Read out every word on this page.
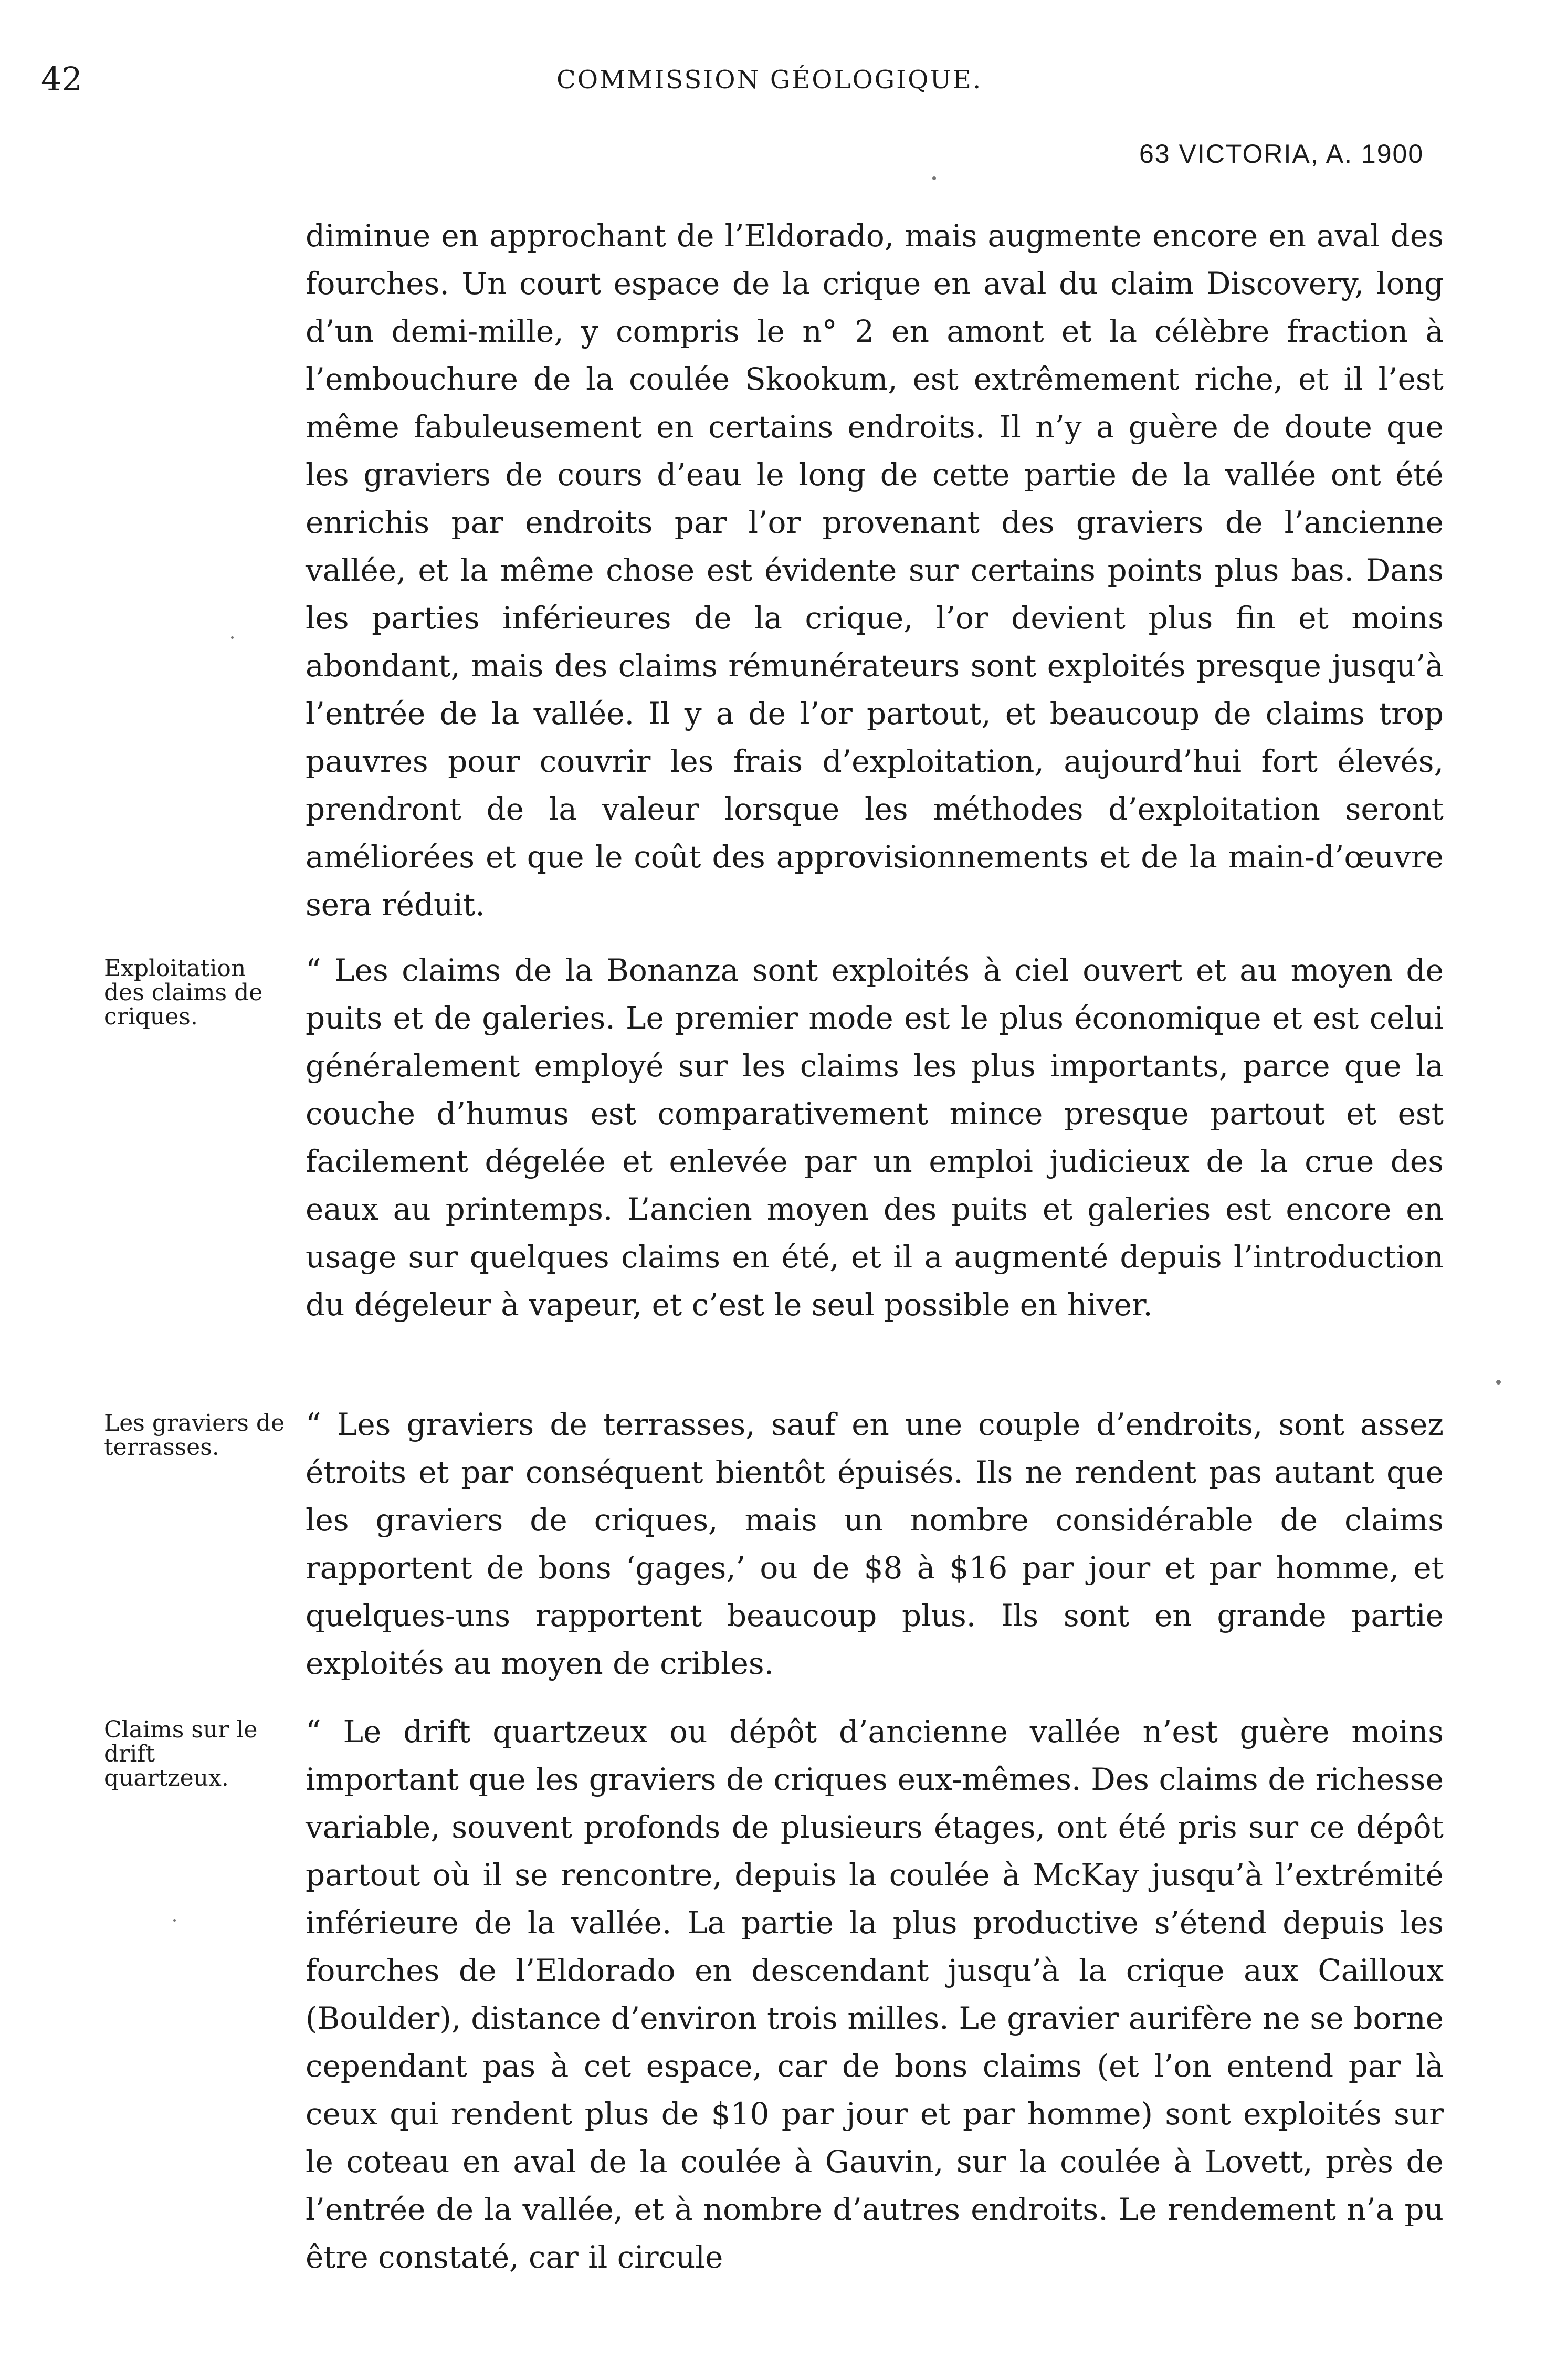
42	COMMISSION GÉOLOGIQUE.
63 VICTORIA, A. 1900
diminue en approchant de l’Eldorado, mais augmente encore en aval des fourches. Un court espace de la crique en aval du claim Discovery, long d’un demi-mille, y compris le n° 2 en amont et la célèbre fraction à l’embouchure de la coulée Skookum, est extrêmement riche, et il l’est même fabuleusement en certains endroits. Il n’y a guère de doute que les graviers de cours d’eau le long de cette partie de la vallée ont été enrichis par endroits par l’or provenant des graviers de l’ancienne vallée, et la même chose est évidente sur certains points plus bas. Dans les parties inférieures de la crique, l’or devient plus fin et moins abondant, mais des claims rémunérateurs sont exploités presque jusqu’à l’entrée de la vallée. Il y a de l’or partout, et beaucoup de claims trop pauvres pour couvrir les frais d’exploitation, aujourd’hui fort élevés, prendront de la valeur lorsque les méthodes d’exploitation seront améliorées et que le coût des approvisionnements et de la main-d’œuvre sera réduit.
Exploitation des claims de criques.
“ Les claims de la Bonanza sont exploités à ciel ouvert et au moyen de puits et de galeries. Le premier mode est le plus économique et est celui généralement employé sur les claims les plus importants, parce que la couche d’humus est comparativement mince presque partout et est facilement dégelée et enlevée par un emploi judicieux de la crue des eaux au printemps. L’ancien moyen des puits et galeries est encore en usage sur quelques claims en été, et il a augmenté depuis l’introduction du dégeleur à vapeur, et c’est le seul possible en hiver.
Les graviers de terrasses.
“ Les graviers de terrasses, sauf en une couple d’endroits, sont assez étroits et par conséquent bientôt épuisés. Ils ne rendent pas autant que les graviers de criques, mais un nombre considérable de claims rapportent de bons ‘gages,’ ou de $8 à $16 par jour et par homme, et quelques-uns rapportent beaucoup plus. Ils sont en grande partie exploités au moyen de cribles.
Claims sur le drift quartzeux.
“ Le drift quartzeux ou dépôt d’ancienne vallée n’est guère moins important que les graviers de criques eux-mêmes. Des claims de richesse variable, souvent profonds de plusieurs étages, ont été pris sur ce dépôt partout où il se rencontre, depuis la coulée à McKay jusqu’à l’extrémité inférieure de la vallée. La partie la plus productive s’étend depuis les fourches de l’Eldorado en descendant jusqu’à la crique aux Cailloux (Boulder), distance d’environ trois milles. Le gravier aurifère ne se borne cependant pas à cet espace, car de bons claims (et l’on entend par là ceux qui rendent plus de $10 par jour et par homme) sont exploités sur le coteau en aval de la coulée à Gauvin, sur la coulée à Lovett, près de l’entrée de la vallée, et à nombre d’autres endroits. Le rendement n’a pu être constaté, car il circule
